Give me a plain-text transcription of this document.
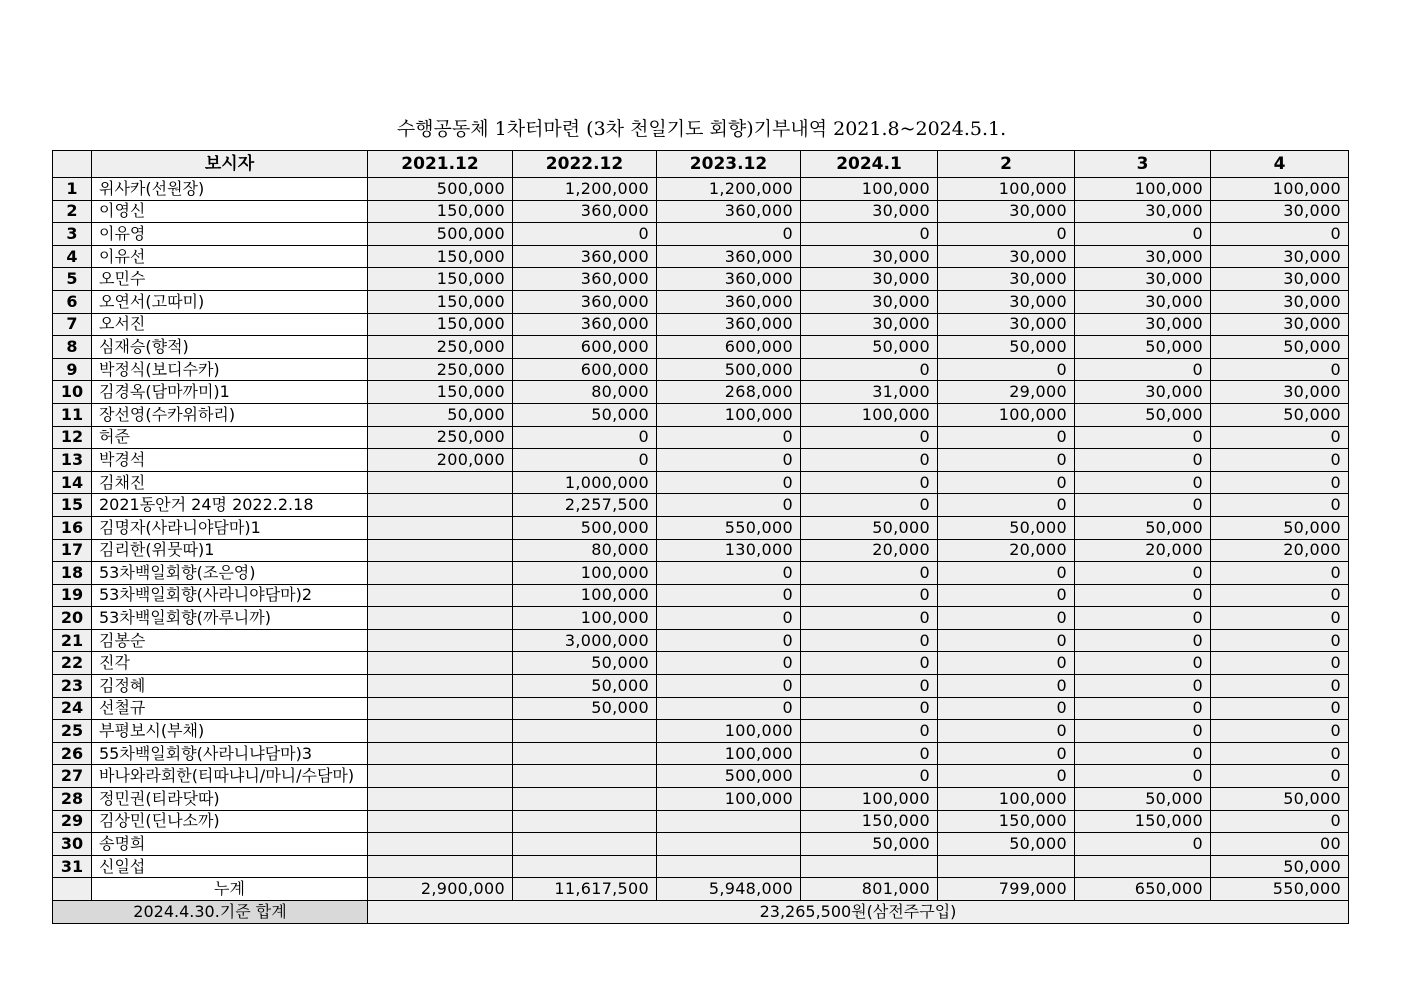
수행공동체 1차터마련 (3차 천일기도 회향)기부내역 2021.8~2024.5.1.
	보시자	2021.12	2022.12	2023.12	2024.1	2	3	4
1	위사카(선원장)	500,000	1,200,000	1,200,000	100,000	100,000	100,000	100,000
2	이영신	150,000	360,000	360,000	30,000	30,000	30,000	30,000
3	이유영	500,000	0	0	0	0	0	0
4	이유선	150,000	360,000	360,000	30,000	30,000	30,000	30,000
5	오민수	150,000	360,000	360,000	30,000	30,000	30,000	30,000
6	오연서(고따미)	150,000	360,000	360,000	30,000	30,000	30,000	30,000
7	오서진	150,000	360,000	360,000	30,000	30,000	30,000	30,000
8	심재승(향적)	250,000	600,000	600,000	50,000	50,000	50,000	50,000
9	박정식(보디수카)	250,000	600,000	500,000	0	0	0	0
10	김경옥(담마까미)1	150,000	80,000	268,000	31,000	29,000	30,000	30,000
11	장선영(수카위하리)	50,000	50,000	100,000	100,000	100,000	50,000	50,000
12	허준	250,000	0	0	0	0	0	0
13	박경석	200,000	0	0	0	0	0	0
14	김채진		1,000,000	0	0	0	0	0
15	2021동안거 24명 2022.2.18		2,257,500	0	0	0	0	0
16	김명자(사라니야담마)1		500,000	550,000	50,000	50,000	50,000	50,000
17	김리한(위뭇따)1		80,000	130,000	20,000	20,000	20,000	20,000
18	53차백일회향(조은영)		100,000	0	0	0	0	0
19	53차백일회향(사라니야담마)2		100,000	0	0	0	0	0
20	53차백일회향(까루니까)		100,000	0	0	0	0	0
21	김봉순		3,000,000	0	0	0	0	0
22	진각		50,000	0	0	0	0	0
23	김정혜		50,000	0	0	0	0	0
24	선철규		50,000	0	0	0	0	0
25	부평보시(부채)			100,000	0	0	0	0
26	55차백일회향(사라니냐담마)3			100,000	0	0	0	0
27	바나와라회한(티따냐니/마니/수담마)			500,000	0	0	0	0
28	정민권(티라닷따)			100,000	100,000	100,000	50,000	50,000
29	김상민(딘나소까)				150,000	150,000	150,000	0
30	송명희				50,000	50,000	0	00
31	신일섭							50,000
	누계	2,900,000	11,617,500	5,948,000	801,000	799,000	650,000	550,000
2024.4.30.기준 합계		23,265,500원(삼전주구입)						
